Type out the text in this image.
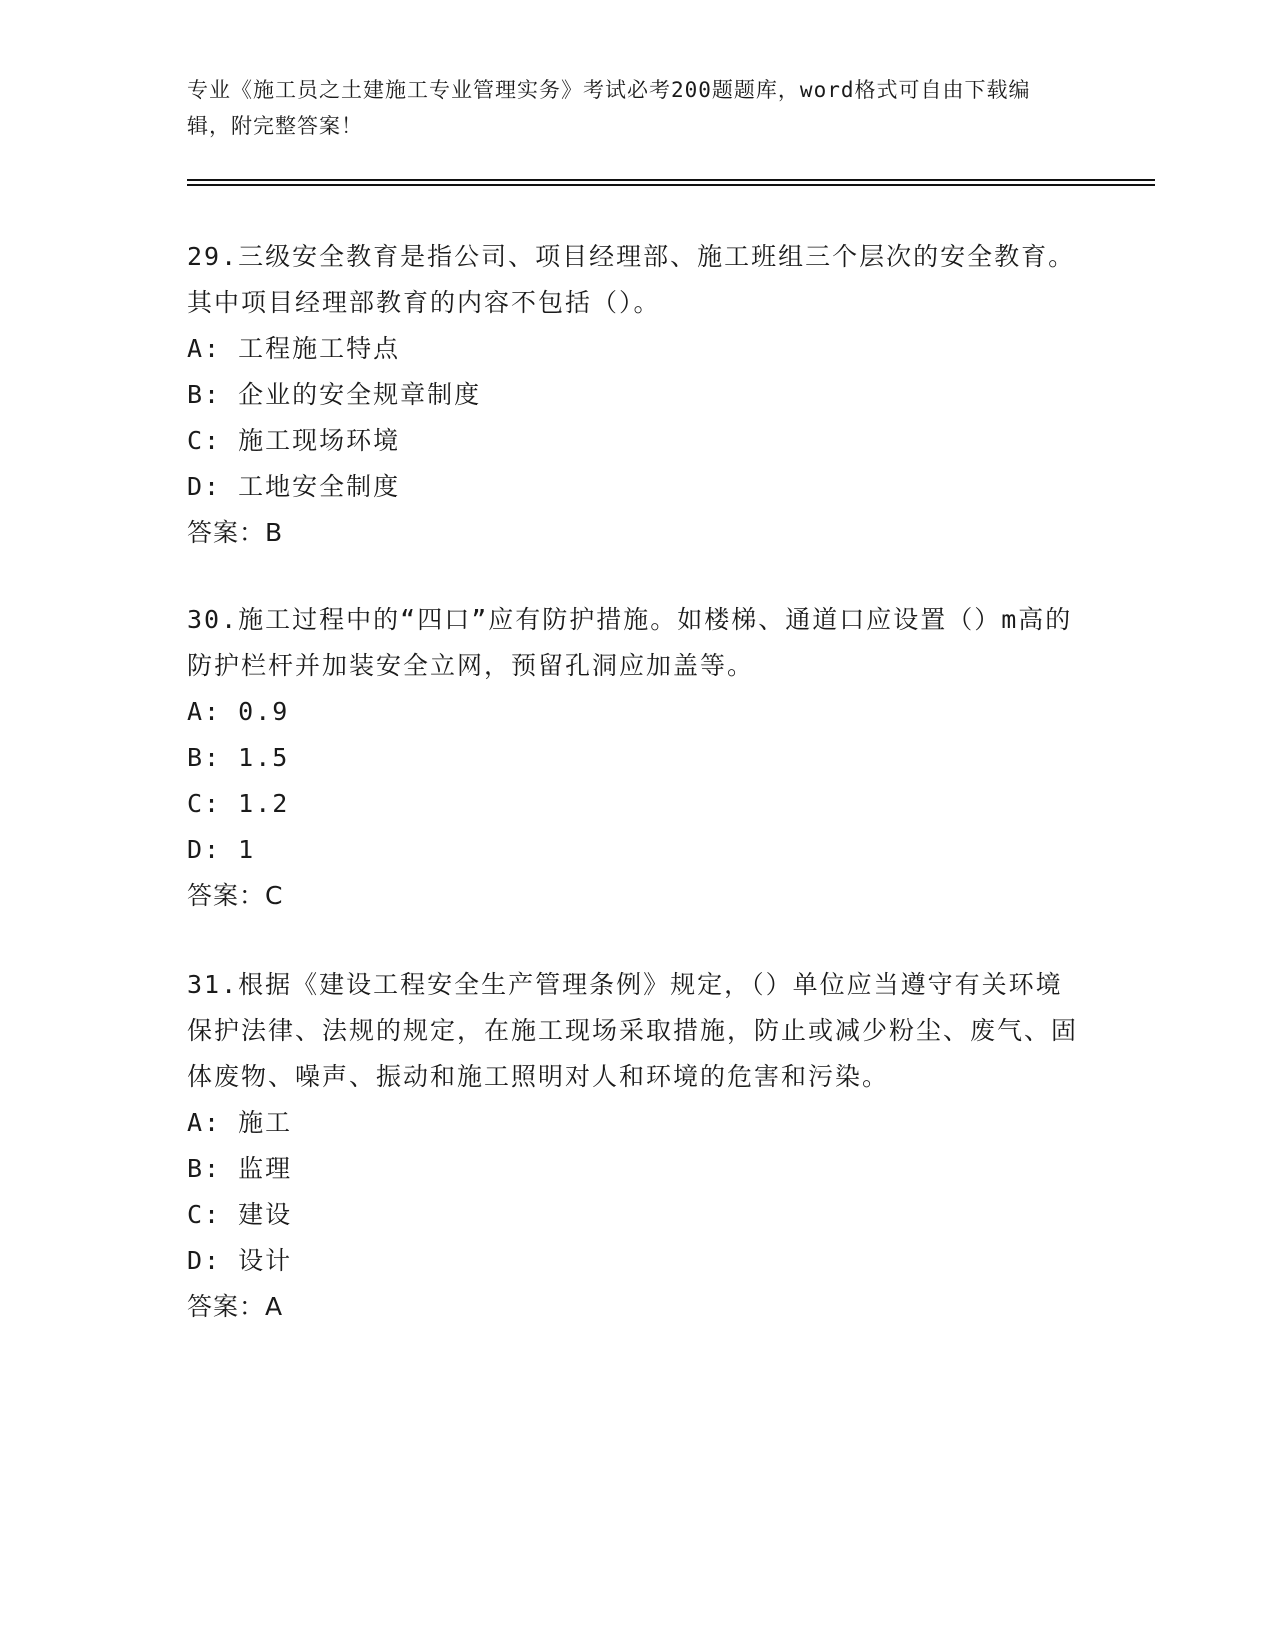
专业《施工员之土建施工专业管理实务》考试必考200题题库，word格式可自由下载编辑，附完整答案！

29.三级安全教育是指公司、项目经理部、施工班组三个层次的安全教育。其中项目经理部教育的内容不包括（）。

A: 工程施工特点

B: 企业的安全规章制度

C: 施工现场环境

D: 工地安全制度

答案：B

30.施工过程中的“四口”应有防护措施。如楼梯、通道口应设置（）m高的防护栏杆并加装安全立网，预留孔洞应加盖等。

A: 0.9

B: 1.5

C: 1.2

D: 1

答案：C

31.根据《建设工程安全生产管理条例》规定，（）单位应当遵守有关环境保护法律、法规的规定，在施工现场采取措施，防止或减少粉尘、废气、固体废物、噪声、振动和施工照明对人和环境的危害和污染。

A: 施工

B: 监理

C: 建设

D: 设计

答案：A
